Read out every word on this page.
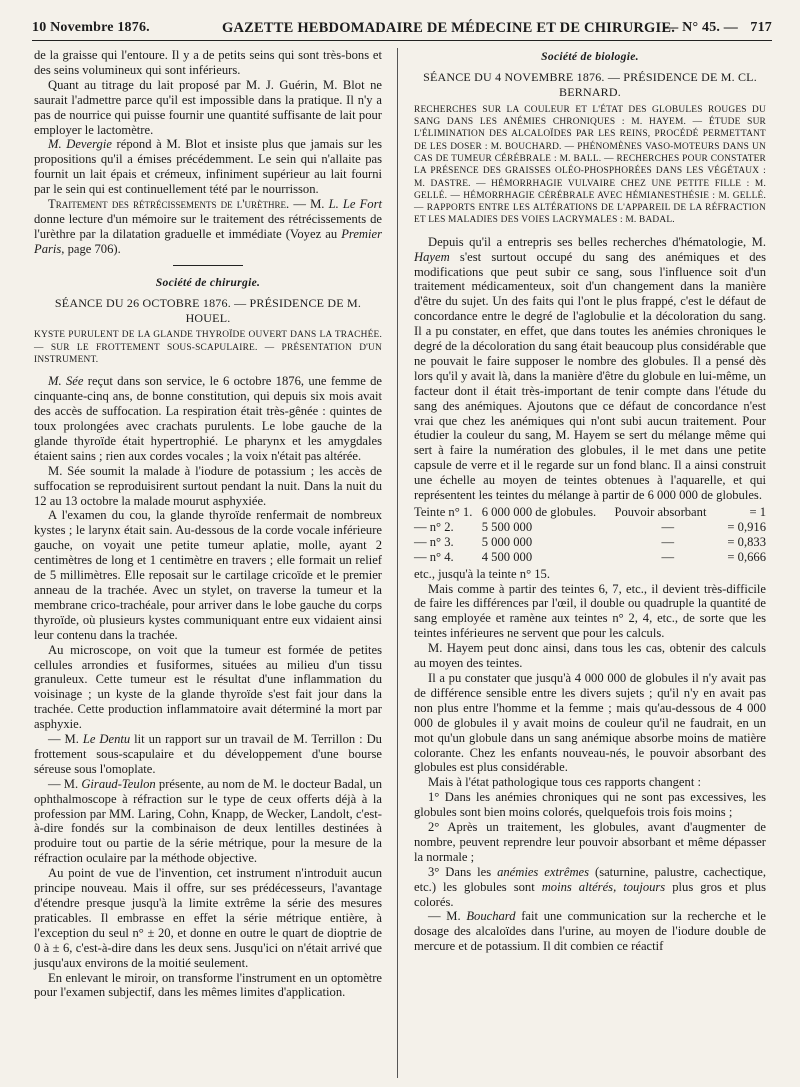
10 Novembre 1876.	GAZETTE HEBDOMADAIRE DE MÉDECINE ET DE CHIRURGIE.
— N° 45. — 717

de la graisse qui l'entoure. Il y a de petits seins qui sont très-bons et des seins volumineux qui sont inférieurs.

Quant au titrage du lait proposé par M. J. Guérin, M. Blot ne saurait l'admettre parce qu'il est impossible dans la pratique. Il n'y a pas de nourrice qui puisse fournir une quantité suffisante de lait pour employer le lactomètre.

M. Devergie répond à M. Blot et insiste plus que jamais sur les propositions qu'il a émises précédemment. Le sein qui n'allaite pas fournit un lait épais et crémeux, infiniment supérieur au lait fourni par le sein qui est continuellement tété par le nourrisson.

Traitement des rétrécissements de l'urèthre. — M. L. Le Fort donne lecture d'un mémoire sur le traitement des rétrécissements de l'urèthre par la dilatation graduelle et immédiate (Voyez au Premier Paris, page 706).

Société de chirurgie.
SÉANCE DU 26 OCTOBRE 1876. — PRÉSIDENCE DE M. HOUEL.
KYSTE PURULENT DE LA GLANDE THYROÏDE OUVERT DANS LA TRACHÉE. — SUR LE FROTTEMENT SOUS-SCAPULAIRE. — PRÉSENTATION D'UN INSTRUMENT.

M. Sée reçut dans son service, le 6 octobre 1876, une femme de cinquante-cinq ans, de bonne constitution, qui depuis six mois avait des accès de suffocation. La respiration était très-gênée : quintes de toux prolongées avec crachats purulents. Le lobe gauche de la glande thyroïde était hypertrophié. Le pharynx et les amygdales étaient sains ; rien aux cordes vocales ; la voix n'était pas altérée.

M. Sée soumit la malade à l'iodure de potassium ; les accès de suffocation se reproduisirent surtout pendant la nuit. Dans la nuit du 12 au 13 octobre la malade mourut asphyxiée.

A l'examen du cou, la glande thyroïde renfermait de nombreux kystes ; le larynx était sain. Au-dessous de la corde vocale inférieure gauche, on voyait une petite tumeur aplatie, molle, ayant 2 centimètres de long et 1 centimètre en travers ; elle formait un relief de 5 millimètres. Elle reposait sur le cartilage cricoïde et le premier anneau de la trachée. Avec un stylet, on traverse la tumeur et la membrane crico-trachéale, pour arriver dans le lobe gauche du corps thyroïde, où plusieurs kystes communiquant entre eux vidaient ainsi leur contenu dans la trachée.

Au microscope, on voit que la tumeur est formée de petites cellules arrondies et fusiformes, situées au milieu d'un tissu granuleux. Cette tumeur est le résultat d'une inflammation du voisinage ; un kyste de la glande thyroïde s'est fait jour dans la trachée. Cette production inflammatoire avait déterminé la mort par asphyxie.

— M. Le Dentu lit un rapport sur un travail de M. Terrillon : Du frottement sous-scapulaire et du développement d'une bourse séreuse sous l'omoplate.

— M. Giraud-Teulon présente, au nom de M. le docteur Badal, un ophthalmoscope à réfraction sur le type de ceux offerts déjà à la profession par MM. Laring, Cohn, Knapp, de Wecker, Landolt, c'est-à-dire fondés sur la combinaison de deux lentilles destinées à produire tout ou partie de la série métrique, pour la mesure de la réfraction oculaire par la méthode objective.

Au point de vue de l'invention, cet instrument n'introduit aucun principe nouveau. Mais il offre, sur ses prédécesseurs, l'avantage d'étendre presque jusqu'à la limite extrême la série des mesures praticables. Il embrasse en effet la série métrique entière, à l'exception du seul n° ± 20, et donne en outre le quart de dioptrie de 0 à ± 6, c'est-à-dire dans les deux sens. Jusqu'ici on n'était arrivé que jusqu'aux environs de la moitié seulement.

En enlevant le miroir, on transforme l'instrument en un optomètre pour l'examen subjectif, dans les mêmes limites d'application.

Société de biologie.
SÉANCE DU 4 NOVEMBRE 1876. — PRÉSIDENCE DE M. CL. BERNARD.
RECHERCHES SUR LA COULEUR ET L'ÉTAT DES GLOBULES ROUGES DU SANG DANS LES ANÉMIES CHRONIQUES : M. HAYEM. — ÉTUDE SUR L'ÉLIMINATION DES ALCALOÏDES PAR LES REINS, PROCÉDÉ PERMETTANT DE LES DOSER : M. BOUCHARD. — PHÉNOMÈNES VASO-MOTEURS DANS UN CAS DE TUMEUR CÉRÉBRALE : M. BALL. — RECHERCHES POUR CONSTATER LA PRÉSENCE DES GRAISSES OLÉO-PHOSPHORÉES DANS LES VÉGÉTAUX : M. DASTRE. — HÉMORRHAGIE VULVAIRE CHEZ UNE PETITE FILLE : M. GELLÉ. — HÉMORRHAGIE CÉRÉBRALE AVEC HÉMIANESTHÉSIE : M. GELLÉ. — RAPPORTS ENTRE LES ALTÉRATIONS DE L'APPAREIL DE LA RÉFRACTION ET LES MALADIES DES VOIES LACRYMALES : M. BADAL.

Depuis qu'il a entrepris ses belles recherches d'hématologie, M. Hayem s'est surtout occupé du sang des anémiques et des modifications que peut subir ce sang, sous l'influence soit d'un traitement médicamenteux, soit d'un changement dans la manière d'être du sujet. Un des faits qui l'ont le plus frappé, c'est le défaut de concordance entre le degré de l'aglobulie et la décoloration du sang. Il a pu constater, en effet, que dans toutes les anémies chroniques le degré de la décoloration du sang était beaucoup plus considérable que ne pouvait le faire supposer le nombre des globules. Il a pensé dès lors qu'il y avait là, dans la manière d'être du globule en lui-même, un facteur dont il était très-important de tenir compte dans l'étude du sang des anémiques. Ajoutons que ce défaut de concordance n'est vrai que chez les anémiques qui n'ont subi aucun traitement. Pour étudier la couleur du sang, M. Hayem se sert du mélange même qui sert à faire la numération des globules, il le met dans une petite capsule de verre et il le regarde sur un fond blanc. Il a ainsi construit une échelle au moyen de teintes obtenues à l'aquarelle, et qui représentent les teintes du mélange à partir de 6 000 000 de globules.

Teinte n° 1.	6 000 000 de globules.	Pouvoir absorbant	= 1
— n° 2.	5 500 000	—	= 0,916
— n° 3.	5 000 000	—	= 0,833
— n° 4.	4 500 000	—	= 0,666

etc., jusqu'à la teinte n° 15.

Mais comme à partir des teintes 6, 7, etc., il devient très-difficile de faire les différences par l'œil, il double ou quadruple la quantité de sang employée et ramène aux teintes n° 2, 4, etc., de sorte que les teintes inférieures ne servent que pour les calculs.

M. Hayem peut donc ainsi, dans tous les cas, obtenir des calculs au moyen des teintes.

Il a pu constater que jusqu'à 4 000 000 de globules il n'y avait pas de différence sensible entre les divers sujets ; qu'il n'y en avait pas non plus entre l'homme et la femme ; mais qu'au-dessous de 4 000 000 de globules il y avait moins de couleur qu'il ne faudrait, en un mot qu'un globule dans un sang anémique absorbe moins de matière colorante. Chez les enfants nouveau-nés, le pouvoir absorbant des globules est plus considérable.

Mais à l'état pathologique tous ces rapports changent :

1° Dans les anémies chroniques qui ne sont pas excessives, les globules sont bien moins colorés, quelquefois trois fois moins ;

2° Après un traitement, les globules, avant d'augmenter de nombre, peuvent reprendre leur pouvoir absorbant et même dépasser la normale ;

3° Dans les anémies extrêmes (saturnine, palustre, cachectique, etc.) les globules sont moins altérés, toujours plus gros et plus colorés.

— M. Bouchard fait une communication sur la recherche et le dosage des alcaloïdes dans l'urine, au moyen de l'iodure double de mercure et de potassium. Il dit combien ce réactif
